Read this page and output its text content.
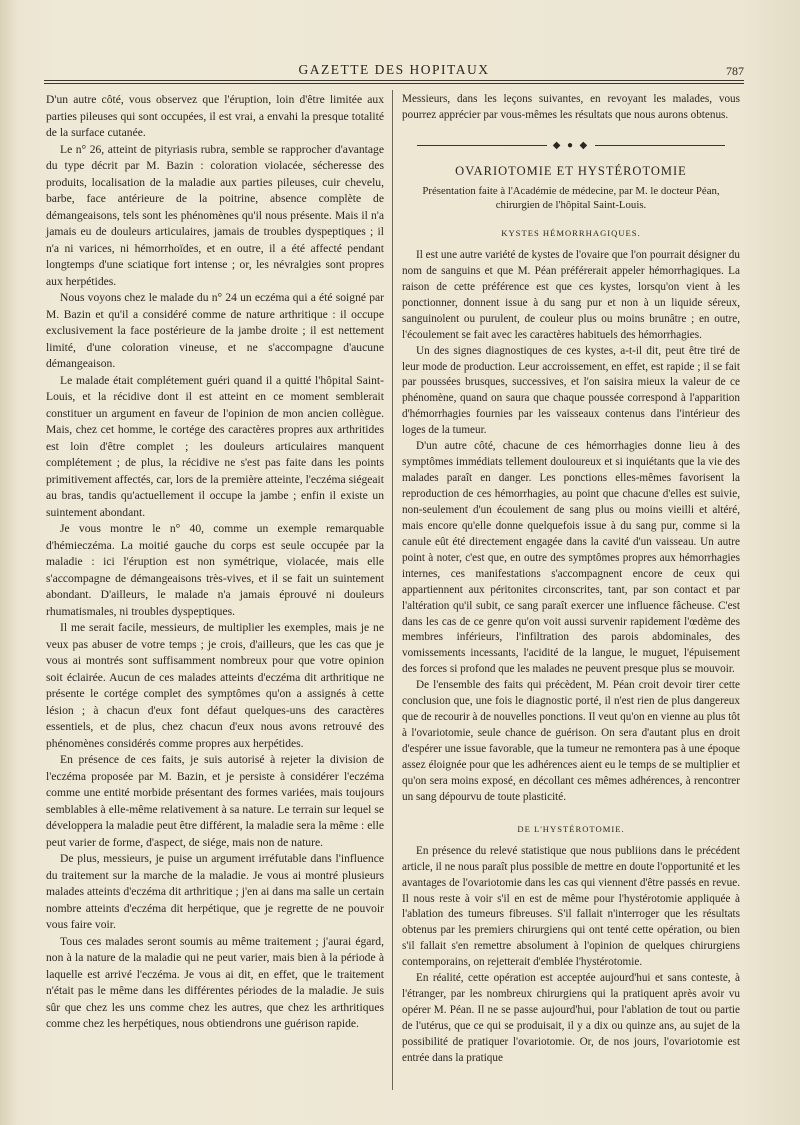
GAZETTE DES HOPITAUX	787

D'un autre côté, vous observez que l'éruption, loin d'être limitée aux parties pileuses qui sont occupées, il est vrai, a envahi la presque totalité de la surface cutanée.

Le n° 26, atteint de pityriasis rubra, semble se rapprocher d'avantage du type décrit par M. Bazin : coloration violacée, sécheresse des produits, localisation de la maladie aux parties pileuses, cuir chevelu, barbe, face antérieure de la poitrine, absence complète de démangeaisons, tels sont les phénomènes qu'il nous présente. Mais il n'a jamais eu de douleurs articulaires, jamais de troubles dyspeptiques ; il n'a ni varices, ni hémorrhoïdes, et en outre, il a été affecté pendant longtemps d'une sciatique fort intense ; or, les névralgies sont propres aux herpétides.

Nous voyons chez le malade du n° 24 un eczéma qui a été soigné par M. Bazin et qu'il a considéré comme de nature arthritique : il occupe exclusivement la face postérieure de la jambe droite ; il est nettement limité, d'une coloration vineuse, et ne s'accompagne d'aucune démangeaison.

Le malade était complétement guéri quand il a quitté l'hôpital Saint-Louis, et la récidive dont il est atteint en ce moment semblerait constituer un argument en faveur de l'opinion de mon ancien collègue. Mais, chez cet homme, le cortége des caractères propres aux arthritides est loin d'être complet ; les douleurs articulaires manquent complétement ; de plus, la récidive ne s'est pas faite dans les points primitivement affectés, car, lors de la première atteinte, l'eczéma siégeait au bras, tandis qu'actuellement il occupe la jambe ; enfin il existe un suintement abondant.

Je vous montre le n° 40, comme un exemple remarquable d'hémieczéma. La moitié gauche du corps est seule occupée par la maladie : ici l'éruption est non symétrique, violacée, mais elle s'accompagne de démangeaisons très-vives, et il se fait un suintement abondant. D'ailleurs, le malade n'a jamais éprouvé ni douleurs rhumatismales, ni troubles dyspeptiques.

Il me serait facile, messieurs, de multiplier les exemples, mais je ne veux pas abuser de votre temps ; je crois, d'ailleurs, que les cas que je vous ai montrés sont suffisamment nombreux pour que votre opinion soit éclairée. Aucun de ces malades atteints d'eczéma dit arthritique ne présente le cortége complet des symptômes qu'on a assignés à cette lésion ; à chacun d'eux font défaut quelques-uns des caractères essentiels, et de plus, chez chacun d'eux nous avons retrouvé des phénomènes considérés comme propres aux herpétides.

En présence de ces faits, je suis autorisé à rejeter la division de l'eczéma proposée par M. Bazin, et je persiste à considérer l'eczéma comme une entité morbide présentant des formes variées, mais toujours semblables à elle-même relativement à sa nature. Le terrain sur lequel se développera la maladie peut être différent, la maladie sera la même : elle peut varier de forme, d'aspect, de siége, mais non de nature.

De plus, messieurs, je puise un argument irréfutable dans l'influence du traitement sur la marche de la maladie. Je vous ai montré plusieurs malades atteints d'eczéma dit arthritique ; j'en ai dans ma salle un certain nombre atteints d'eczéma dit herpétique, que je regrette de ne pouvoir vous faire voir.

Tous ces malades seront soumis au même traitement ; j'aurai égard, non à la nature de la maladie qui ne peut varier, mais bien à la période à laquelle est arrivé l'eczéma. Je vous ai dit, en effet, que le traitement n'était pas le même dans les différentes périodes de la maladie. Je suis sûr que chez les uns comme chez les autres, que chez les arthritiques comme chez les herpétiques, nous obtiendrons une guérison rapide.

Messieurs, dans les leçons suivantes, en revoyant les malades, vous pourrez apprécier par vous-mêmes les résultats que nous aurons obtenus.

◆ ● ◆
OVARIOTOMIE ET HYSTÉROTOMIE
Présentation faite à l'Académie de médecine, par M. le docteur Péan, chirurgien de l'hôpital Saint-Louis.
KYSTES HÉMORRHAGIQUES.

Il est une autre variété de kystes de l'ovaire que l'on pourrait désigner du nom de sanguins et que M. Péan préférerait appeler hémorrhagiques. La raison de cette préférence est que ces kystes, lorsqu'on vient à les ponctionner, donnent issue à du sang pur et non à un liquide séreux, sanguinolent ou purulent, de couleur plus ou moins brunâtre ; en outre, l'écoulement se fait avec les caractères habituels des hémorrhagies.

Un des signes diagnostiques de ces kystes, a-t-il dit, peut être tiré de leur mode de production. Leur accroissement, en effet, est rapide ; il se fait par poussées brusques, successives, et l'on saisira mieux la valeur de ce phénomène, quand on saura que chaque poussée correspond à l'apparition d'hémorrhagies fournies par les vaisseaux contenus dans l'intérieur des loges de la tumeur.

D'un autre côté, chacune de ces hémorrhagies donne lieu à des symptômes immédiats tellement douloureux et si inquiétants que la vie des malades paraît en danger. Les ponctions elles-mêmes favorisent la reproduction de ces hémorrhagies, au point que chacune d'elles est suivie, non-seulement d'un écoulement de sang plus ou moins vieilli et altéré, mais encore qu'elle donne quelquefois issue à du sang pur, comme si la canule eût été directement engagée dans la cavité d'un vaisseau. Un autre point à noter, c'est que, en outre des symptômes propres aux hémorrhagies internes, ces manifestations s'accompagnent encore de ceux qui appartiennent aux péritonites circonscrites, tant, par son contact et par l'altération qu'il subit, ce sang paraît exercer une influence fâcheuse. C'est dans les cas de ce genre qu'on voit aussi survenir rapidement l'œdème des membres inférieurs, l'infiltration des parois abdominales, des vomissements incessants, l'acidité de la langue, le muguet, l'épuisement des forces si profond que les malades ne peuvent presque plus se mouvoir.

De l'ensemble des faits qui précèdent, M. Péan croit devoir tirer cette conclusion que, une fois le diagnostic porté, il n'est rien de plus dangereux que de recourir à de nouvelles ponctions. Il veut qu'on en vienne au plus tôt à l'ovariotomie, seule chance de guérison. On sera d'autant plus en droit d'espérer une issue favorable, que la tumeur ne remontera pas à une époque assez éloignée pour que les adhérences aient eu le temps de se multiplier et qu'on sera moins exposé, en décollant ces mêmes adhérences, à rencontrer un sang dépourvu de toute plasticité.

DE L'HYSTÉROTOMIE.

En présence du relevé statistique que nous publiions dans le précédent article, il ne nous paraît plus possible de mettre en doute l'opportunité et les avantages de l'ovariotomie dans les cas qui viennent d'être passés en revue. Il nous reste à voir s'il en est de même pour l'hystérotomie appliquée à l'ablation des tumeurs fibreuses. S'il fallait n'interroger que les résultats obtenus par les premiers chirurgiens qui ont tenté cette opération, ou bien s'il fallait s'en remettre absolument à l'opinion de quelques chirurgiens contemporains, on rejetterait d'emblée l'hystérotomie.

En réalité, cette opération est acceptée aujourd'hui et sans conteste, à l'étranger, par les nombreux chirurgiens qui la pratiquent après avoir vu opérer M. Péan. Il ne se passe aujourd'hui, pour l'ablation de tout ou partie de l'utérus, que ce qui se produisait, il y a dix ou quinze ans, au sujet de la possibilité de pratiquer l'ovariotomie. Or, de nos jours, l'ovariotomie est entrée dans la pratique
